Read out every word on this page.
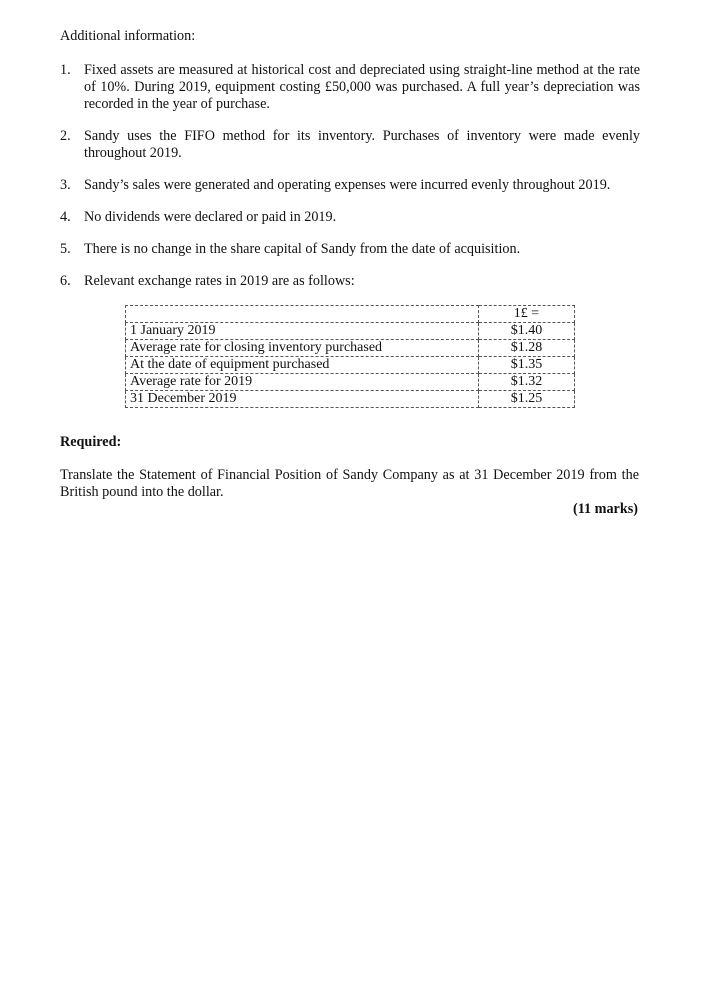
Additional information:
1. Fixed assets are measured at historical cost and depreciated using straight-line method at the rate of 10%. During 2019, equipment costing £50,000 was purchased. A full year’s depreciation was recorded in the year of purchase.
2. Sandy uses the FIFO method for its inventory. Purchases of inventory were made evenly throughout 2019.
3. Sandy’s sales were generated and operating expenses were incurred evenly throughout 2019.
4. No dividends were declared or paid in 2019.
5. There is no change in the share capital of Sandy from the date of acquisition.
6. Relevant exchange rates in 2019 are as follows:
	1£ =
1 January 2019	$1.40
Average rate for closing inventory purchased	$1.28
At the date of equipment purchased	$1.35
Average rate for 2019	$1.32
31 December 2019	$1.25
Required:
Translate the Statement of Financial Position of Sandy Company as at 31 December 2019 from the British pound into the dollar.
(11 marks)
